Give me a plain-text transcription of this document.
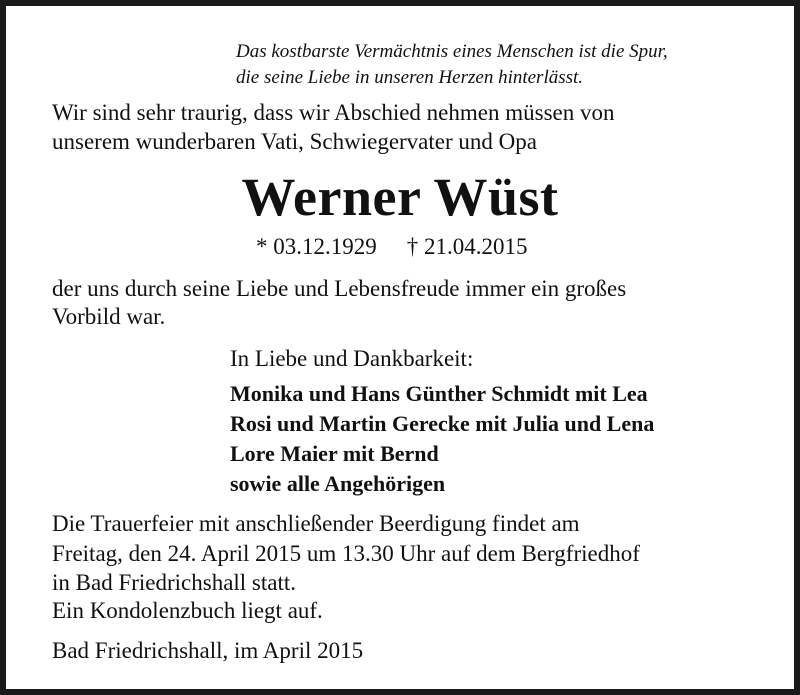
Das kostbarste Vermächtnis eines Menschen ist die Spur,
die seine Liebe in unseren Herzen hinterlässt.
Wir sind sehr traurig, dass wir Abschied nehmen müssen von
unserem wunderbaren Vati, Schwiegervater und Opa
Werner Wüst
* 03.12.1929 † 21.04.2015
der uns durch seine Liebe und Lebensfreude immer ein großes
Vorbild war.
In Liebe und Dankbarkeit:
Monika und Hans Günther Schmidt mit Lea
Rosi und Martin Gerecke mit Julia und Lena
Lore Maier mit Bernd
sowie alle Angehörigen
Die Trauerfeier mit anschließender Beerdigung findet am
Freitag, den 24. April 2015 um 13.30 Uhr auf dem Bergfriedhof
in Bad Friedrichshall statt.
Ein Kondolenzbuch liegt auf.
Bad Friedrichshall, im April 2015
